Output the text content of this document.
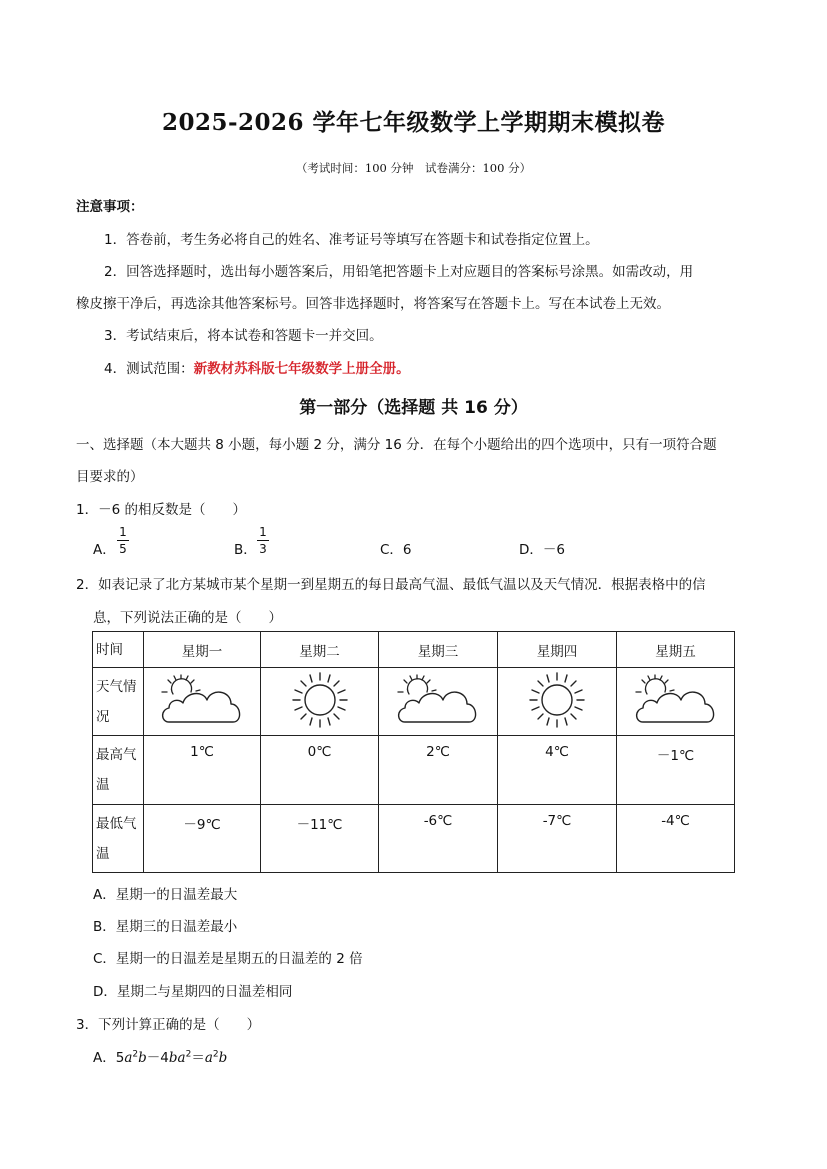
2025-2026 学年七年级数学上学期期末模拟卷
（考试时间：100 分钟　试卷满分：100 分）
注意事项：
1．答卷前，考生务必将自己的姓名、准考证号等填写在答题卡和试卷指定位置上。
2．回答选择题时，选出每小题答案后，用铅笔把答题卡上对应题目的答案标号涂黑。如需改动，用
橡皮擦干净后，再选涂其他答案标号。回答非选择题时，将答案写在答题卡上。写在本试卷上无效。
3．考试结束后，将本试卷和答题卡一并交回。
4．测试范围：新教材苏科版七年级数学上册全册。
第一部分（选择题 共 16 分）
一、选择题（本大题共 8 小题，每小题 2 分，满分 16 分．在每个小题给出的四个选项中，只有一项符合题
目要求的）
1．－6 的相反数是（　　）
A．
1
5	B．
1
3	C．6	D．－6
2．如表记录了北方某城市某个星期一到星期五的每日最高气温、最低气温以及天气情况．根据表格中的信
息，下列说法正确的是（　　）
时间	星期一	星期二	星期三	星期四	星期五

天气情
况

最高气
温	1℃	0℃	2℃	4℃	－1℃

最低气
温	－9℃	－11℃	-6℃	-7℃	-4℃
A．星期一的日温差最大
B．星期三的日温差最小
C．星期一的日温差是星期五的日温差的 2 倍
D．星期二与星期四的日温差相同
3．下列计算正确的是（　　）
A．$5a^2b-4ba^2=a^2b$
